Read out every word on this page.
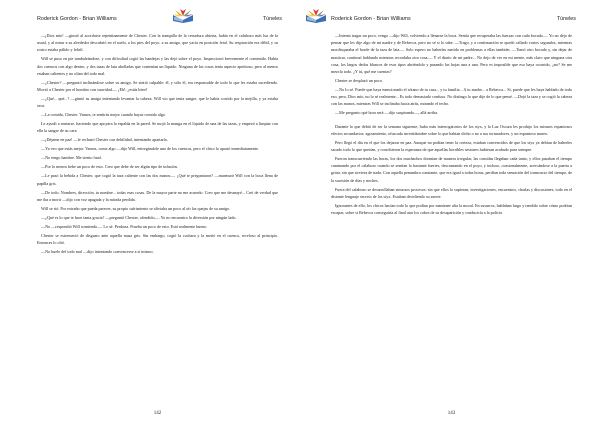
Roderick Gordon - Brian Williams	Túneles

—¡Dios mío! —gimió al acordarse repentinamente de Chester. Con la trampilla de la cerradura abierta, había en el calabozo más luz de la usual, y al mirar a su alrededor descubrió en el suelo, a los pies del poyo, a su amigo, que yacía en posición fetal. Su respiración era débil, y su rostro estaba pálido y febril.

Will se puso en pie tambaleándose, y con dificultad cogió las bandejas y las dejó sobre el poyo. Inspeccionó brevemente el contenido. Había dos cuencos con algo dentro, y dos tazas de lata abolladas que contenían un líquido. Ninguna de las cosas tenía aspecto apetitoso, pero al menos estaban calientes y no olían del todo mal.

—¿Chester? —preguntó inclinándose sobre su amigo. Se sintió culpable: él, y sólo él, era responsable de todo lo que les estaba sucediendo. Movió a Chester por el hombro con suavidad—. ¡Eh!, ¿estás bien?

—¿Qué... qué...? —gimió su amigo intentando levantar la cabeza. Will vio que tenía sangre, que le había corrido por la mejilla, y ya estaba seca.

—La comida, Chester. Vamos, te sentirás mejor cuando hayas comido algo.

Le ayudó a sentarse, haciendo que apoyara la espalda en la pared. Se mojó la manga en el líquido de una de las tazas, y empezó a limpiar con ella la sangre de su cara.

—¡Déjame en paz! —le rechazó Chester con debilidad, intentando apartarlo.

—Ya veo que estás mejor. Vamos, come algo —dijo Will, entregándole uno de los cuencos, pero el chico lo apartó inmediatamente.

—No tengo hambre. Me siento fatal.

—Por lo menos bebe un poco de esto. Creo que debe de ser algún tipo de infusión.

—Le pasó la bebida a Chester, que cogió la taza caliente con las dos manos—. ¿Qué te preguntaron? —murmuró Will con la boca llena de papilla gris.

—De todo. Nombres, dirección, tu nombre... todas esas cosas. De la mayor parte no me acuerdo. Creo que me desmayé... Creí de verdad que me iba a morir —dijo con voz apagada y la mirada perdida.

Will se rió. Por extraño que pueda parecer, su propio sufrimiento se aliviaba un poco al oír las quejas de su amigo.

—¿Qué es lo que te hace tanta gracia? —preguntó Chester, ofendido—. Yo no encuentro la diversión por ningún lado.

—No —respondió Will sonriendo—. Lo sé. Perdona. Prueba un poco de esto. Está realmente bueno.

Chester se estremeció de disgusto ante aquella masa gris. Sin embargo, cogió la cuchara y la metió en el cuenco, receloso al principio. Entonces lo olió.

—No huele del todo mal —dijo intentando convencerse a sí mismo.

142
Roderick Gordon - Brian Williams	Túneles

—Intenta tragar un poco, venga —dijo Will, volviendo a llenarse la boca. Sentía que recuperaba las fuerzas con cada bocado—. Yo no dejo de pensar que les dije algo de mi madre y de Rebecca, pero no sé si lo sabe. —Trago, y a continuación se quedó callado varios segundos, mientras mordisqueaba el borde de la taza de lata—. Solo espero no haberlas metido en problemas a ellas también. —Tomó otro bocado y, sin dejar de masticar, continuó hablando mientras recordaba otra cosa—. Y el diario de mi padre... No dejo de ver en mi mente, más claro que ninguna otra cosa, los largos dedos blancos de esos tipos abriéndolo y pasando las hojas una a una. Pero es imposible que eso haya ocurrido, ¿no? Se me mezcla todo. ¿Y tú, qué me cuentas?

Chester se desplazó un poco.

—No lo sé. Puede que haya mencionado el sótano de tu casa... y tu familia... A tu madre... a Rebecca... Sí, puede que les haya hablado de todo eso, pero, Dios mío, no lo sé realmente... Es todo demasiado confuso. No distingo lo que dije de lo que pensé. —Dejó la taza y se cogió la cabeza con las manos, mientras Will se inclinaba hacia atrás, mirando el techo.

—Me pregunto qué hora será —dijo suspirando—, allá arriba.

Durante lo que debió de ser la semana siguiente, hubo más interrogatorios de los styx, y la Luz Oscura les produjo los mismos espantosos efectos secundarios: agotamiento, ofuscada incertidumbre sobre lo que habían dicho o no a sus torturadores, y un espantoso mareo.

Pero llegó el día en el que los dejaron en paz. Aunque no podían tener la certeza, estaban convencidos de que los styx ya debían de haberles sacado todo lo que querían, y concibieron la esperanza de que aquellas horribles sesiones hubieran acabado para siempre.

Fueron transcurriendo las horas, los dos muchachos dormían de manera irregular, las comidas llegaban cada tanto, y ellos pasaban el tiempo caminando por el calabozo cuando se sentían lo bastante fuertes, descansando en el poyo, y incluso, ocasionalmente, acercándose a la puerta a gritar, sin que sirviera de nada. Con aquella penumbra constante, que era igual a todas horas, perdían toda sensación del transcurso del tiempo, de la sucesión de días y noches.

Fuera del calabozo se desarrollaban sinuosos procesos: sin que ellos lo supieran, investigaciones, encuentros, charlas y discusiones, todo en el distante lenguaje secreto de los styx. Estaban decidiendo su suerte.

Ignorantes de ello, los chicos hacían todo lo que podían por mantener alta la moral. En susurros, hablaban largo y tendido sobre cómo podrían escapar, sobre si Rebecca conseguiría al final atar los cabos de su desaparición y conduciría a la policía

143
